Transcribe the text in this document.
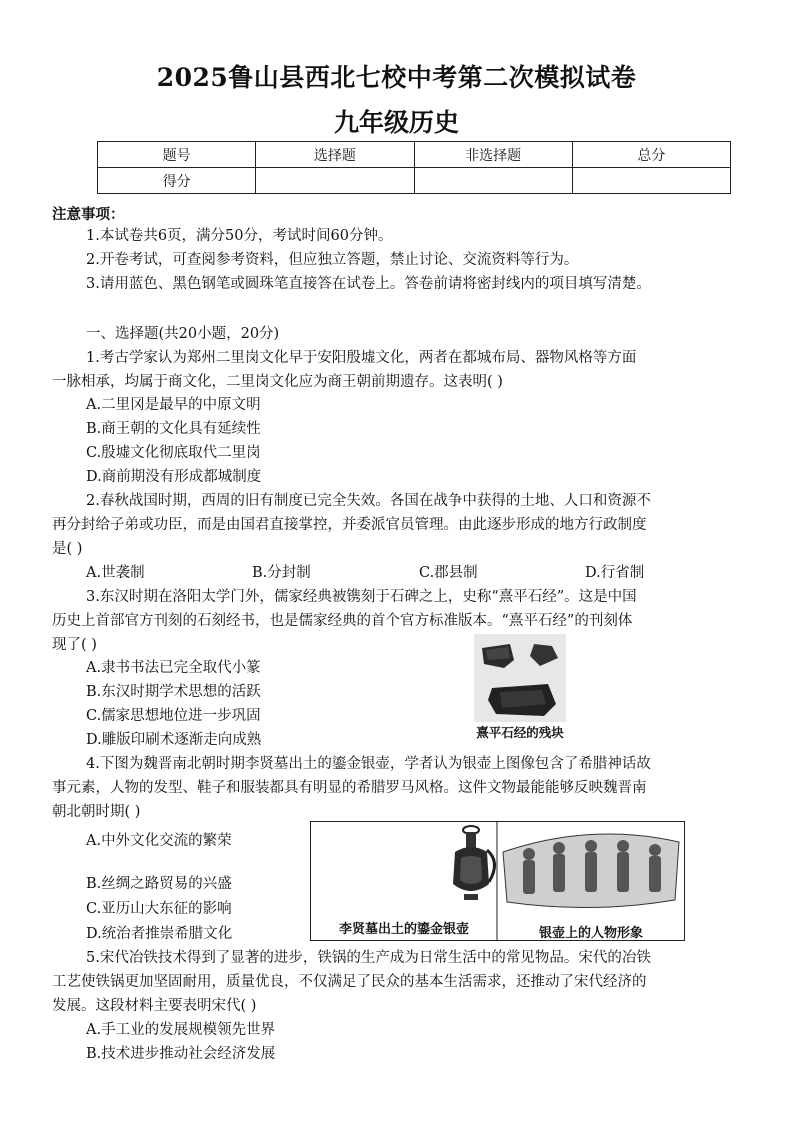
2025鲁山县西北七校中考第二次模拟试卷
九年级历史
题号	选择题	非选择题	总分
得分			

注意事项：

1.本试卷共6页，满分50分，考试时间60分钟。

2.开卷考试，可查阅参考资料，但应独立答题，禁止讨论、交流资料等行为。

3.请用蓝色、黑色钢笔或圆珠笔直接答在试卷上。答卷前请将密封线内的项目填写清楚。

一、选择题(共20小题，20分)

1.考古学家认为郑州二里岗文化早于安阳殷墟文化，两者在都城布局、器物风格等方面

一脉相承，均属于商文化，二里岗文化应为商王朝前期遗存。这表明( )

A.二里冈是最早的中原文明

B.商王朝的文化具有延续性

C.殷墟文化彻底取代二里岗

D.商前期没有形成都城制度

2.春秋战国时期，西周的旧有制度已完全失效。各国在战争中获得的土地、人口和资源不

再分封给子弟或功臣，而是由国君直接掌控，并委派官员管理。由此逐步形成的地方行政制度

是( )

A.世袭制	B.分封制	C.郡县制	D.行省制

3.东汉时期在洛阳太学门外，儒家经典被镌刻于石碑之上，史称“熹平石经”。这是中国

历史上首部官方刊刻的石刻经书，也是儒家经典的首个官方标准版本。“熹平石经”的刊刻体

现了( )

A.隶书书法已完全取代小篆

B.东汉时期学术思想的活跃

C.儒家思想地位进一步巩固

D.雕版印刷术逐渐走向成熟	熹平石经的残块

4.下图为魏晋南北朝时期李贤墓出土的鎏金银壶，学者认为银壶上图像包含了希腊神话故

事元素，人物的发型、鞋子和服装都具有明显的希腊罗马风格。这件文物最能能够反映魏晋南

朝北朝时期( )

A.中外文化交流的繁荣

B.丝绸之路贸易的兴盛

C.亚历山大东征的影响

D.统治者推崇希腊文化	李贤墓出土的鎏金银壶	银壶上的人物形象

5.宋代冶铁技术得到了显著的进步，铁锅的生产成为日常生活中的常见物品。宋代的冶铁

工艺使铁锅更加坚固耐用，质量优良，不仅满足了民众的基本生活需求，还推动了宋代经济的

发展。这段材料主要表明宋代( )

A.手工业的发展规模领先世界

B.技术进步推动社会经济发展
